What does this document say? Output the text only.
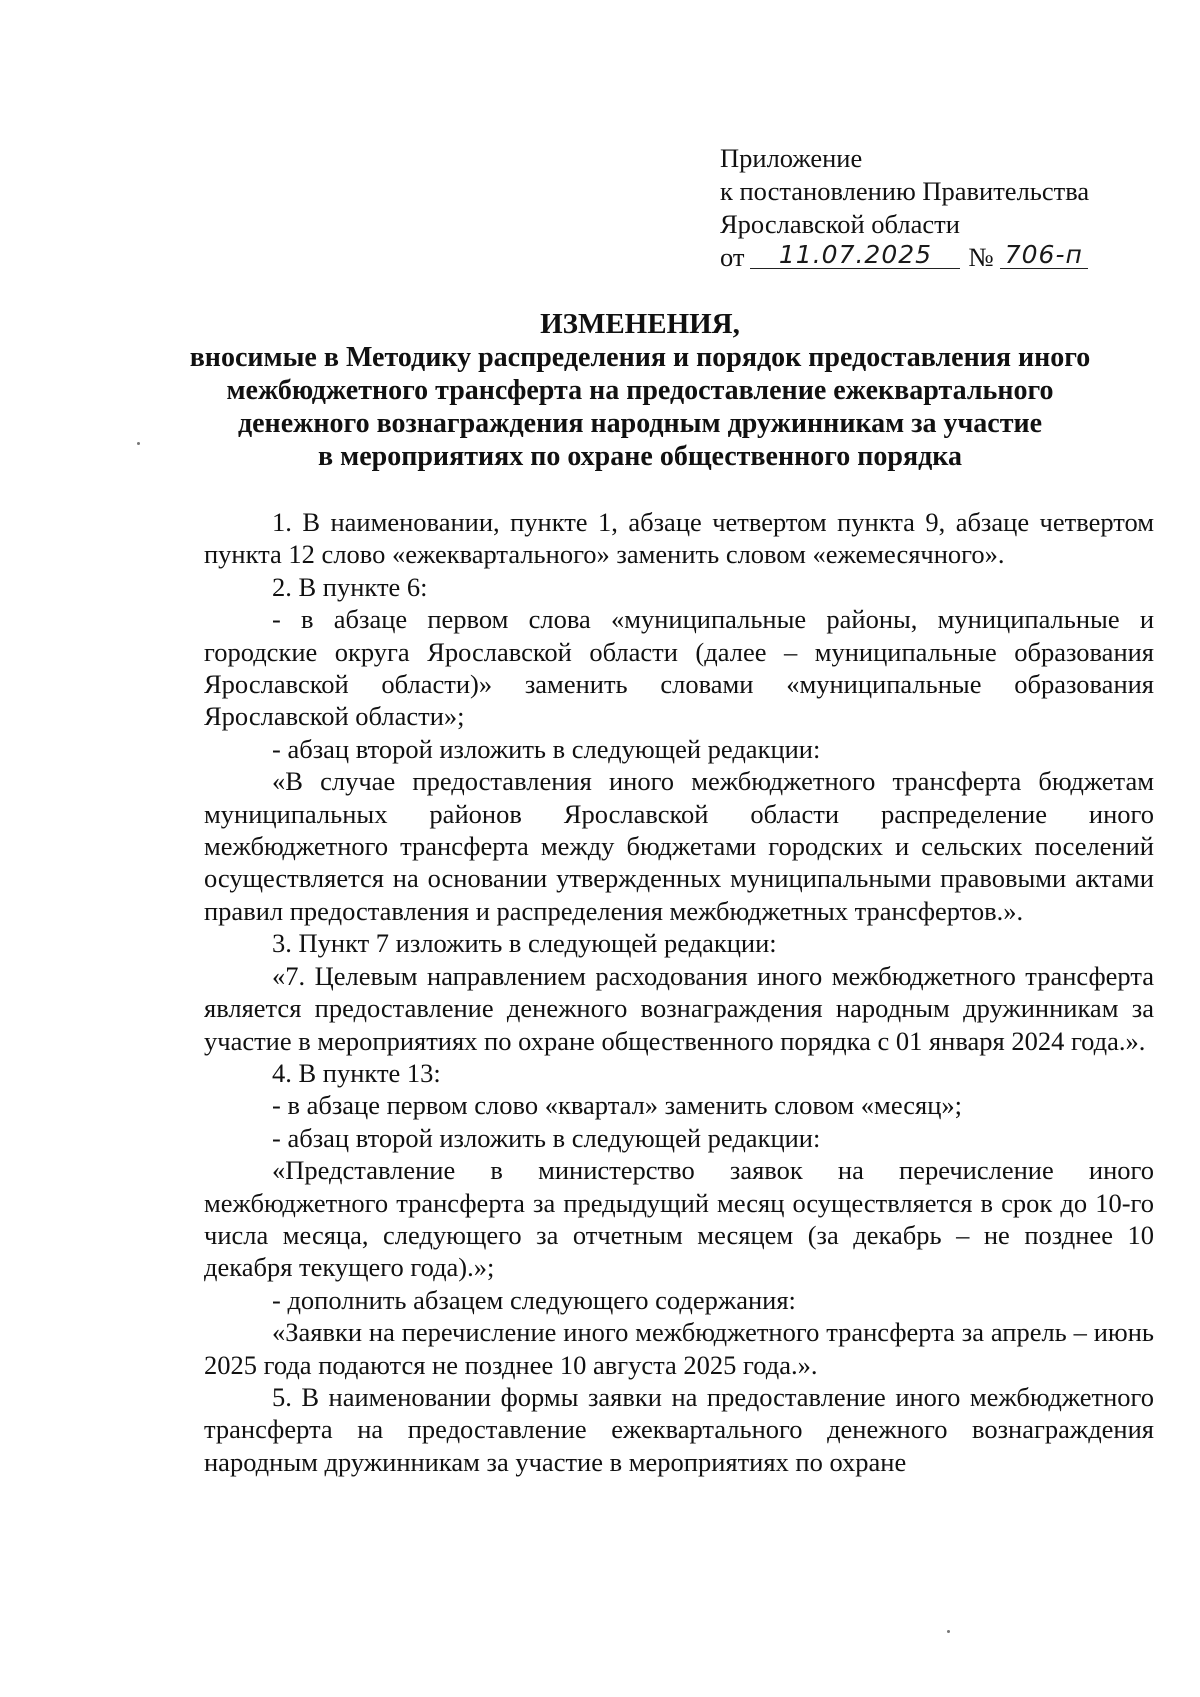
Приложение
к постановлению Правительства
Ярославской области
от	11.07.2025	№ 706-п
ИЗМЕНЕНИЯ,
вносимые в Методику распределения и порядок предоставления иного
межбюджетного трансферта на предоставление ежеквартального
денежного вознаграждения народным дружинникам за участие
в мероприятиях по охране общественного порядка

1. В наименовании, пункте 1, абзаце четвертом пункта 9, абзаце четвертом пункта 12 слово «ежеквартального» заменить словом «ежемесячного».

2. В пункте 6:

- в абзаце первом слова «муниципальные районы, муниципальные и городские округа Ярославской области (далее – муниципальные образования Ярославской области)» заменить словами «муниципальные образования Ярославской области»;

- абзац второй изложить в следующей редакции:

«В случае предоставления иного межбюджетного трансферта бюджетам муниципальных районов Ярославской области распределение иного межбюджетного трансферта между бюджетами городских и сельских поселений осуществляется на основании утвержденных муниципальными правовыми актами правил предоставления и распределения межбюджетных трансфертов.».

3. Пункт 7 изложить в следующей редакции:

«7. Целевым направлением расходования иного межбюджетного трансферта является предоставление денежного вознаграждения народным дружинникам за участие в мероприятиях по охране общественного порядка с 01 января 2024 года.».

4. В пункте 13:

- в абзаце первом слово «квартал» заменить словом «месяц»;

- абзац второй изложить в следующей редакции:

«Представление в министерство заявок на перечисление иного межбюджетного трансферта за предыдущий месяц осуществляется в срок до 10-го числа месяца, следующего за отчетным месяцем (за декабрь – не позднее 10 декабря текущего года).»;

- дополнить абзацем следующего содержания:

«Заявки на перечисление иного межбюджетного трансферта за апрель – июнь 2025 года подаются не позднее 10 августа 2025 года.».

5. В наименовании формы заявки на предоставление иного межбюджетного трансферта на предоставление ежеквартального денежного вознаграждения народным дружинникам за участие в мероприятиях по охране
